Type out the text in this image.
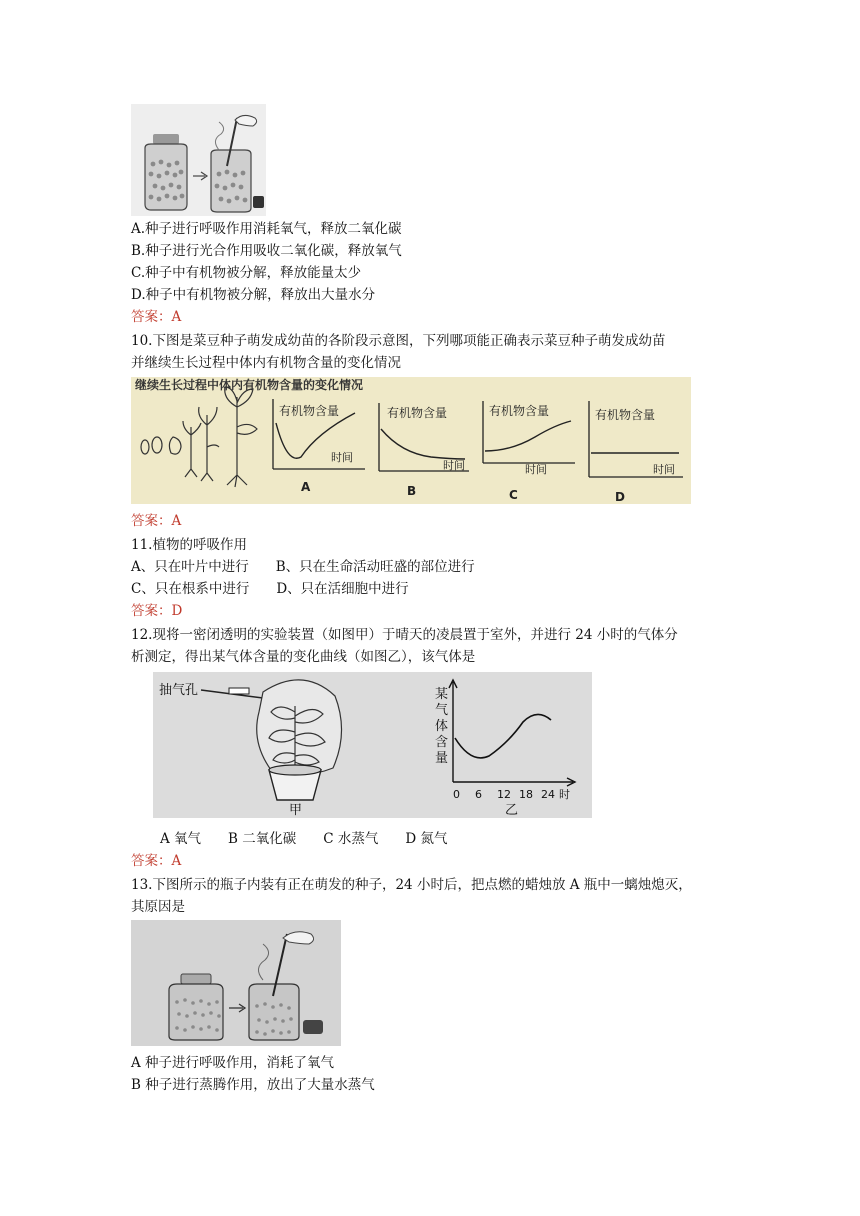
A.种子进行呼吸作用消耗氧气，释放二氧化碳
B.种子进行光合作用吸收二氧化碳，释放氧气
C.种子中有机物被分解，释放能量太少
D.种子中有机物被分解，释放出大量水分
答案：A
10.下图是菜豆种子萌发成幼苗的各阶段示意图，下列哪项能正确表示菜豆种子萌发成幼苗
并继续生长过程中体内有机物含量的变化情况
继续生长过程中体内有机物含量的变化情况
有机物含量
时间
A
有机物含量
时间
B
有机物含量
时间
C
有机物含量
时间
D
答案：A
11.植物的呼吸作用
A、只在叶片中进行　　B、只在生命活动旺盛的部位进行
C、只在根系中进行　　D、只在活细胞中进行
答案：D
12.现将一密闭透明的实验装置（如图甲）于晴天的凌晨置于室外，并进行 24 小时的气体分
析测定，得出某气体含量的变化曲线（如图乙），该气体是
抽气孔
甲
某
气
体
含
量
0 6 12 18 24 时
乙
A 氧气　　B 二氧化碳　　C 水蒸气　　D 氮气
答案：A
13.下图所示的瓶子内装有正在萌发的种子，24 小时后，把点燃的蜡烛放 A 瓶中一螭烛熄灭，
其原因是
A 种子进行呼吸作用，消耗了氧气
B 种子进行蒸腾作用，放出了大量水蒸气
